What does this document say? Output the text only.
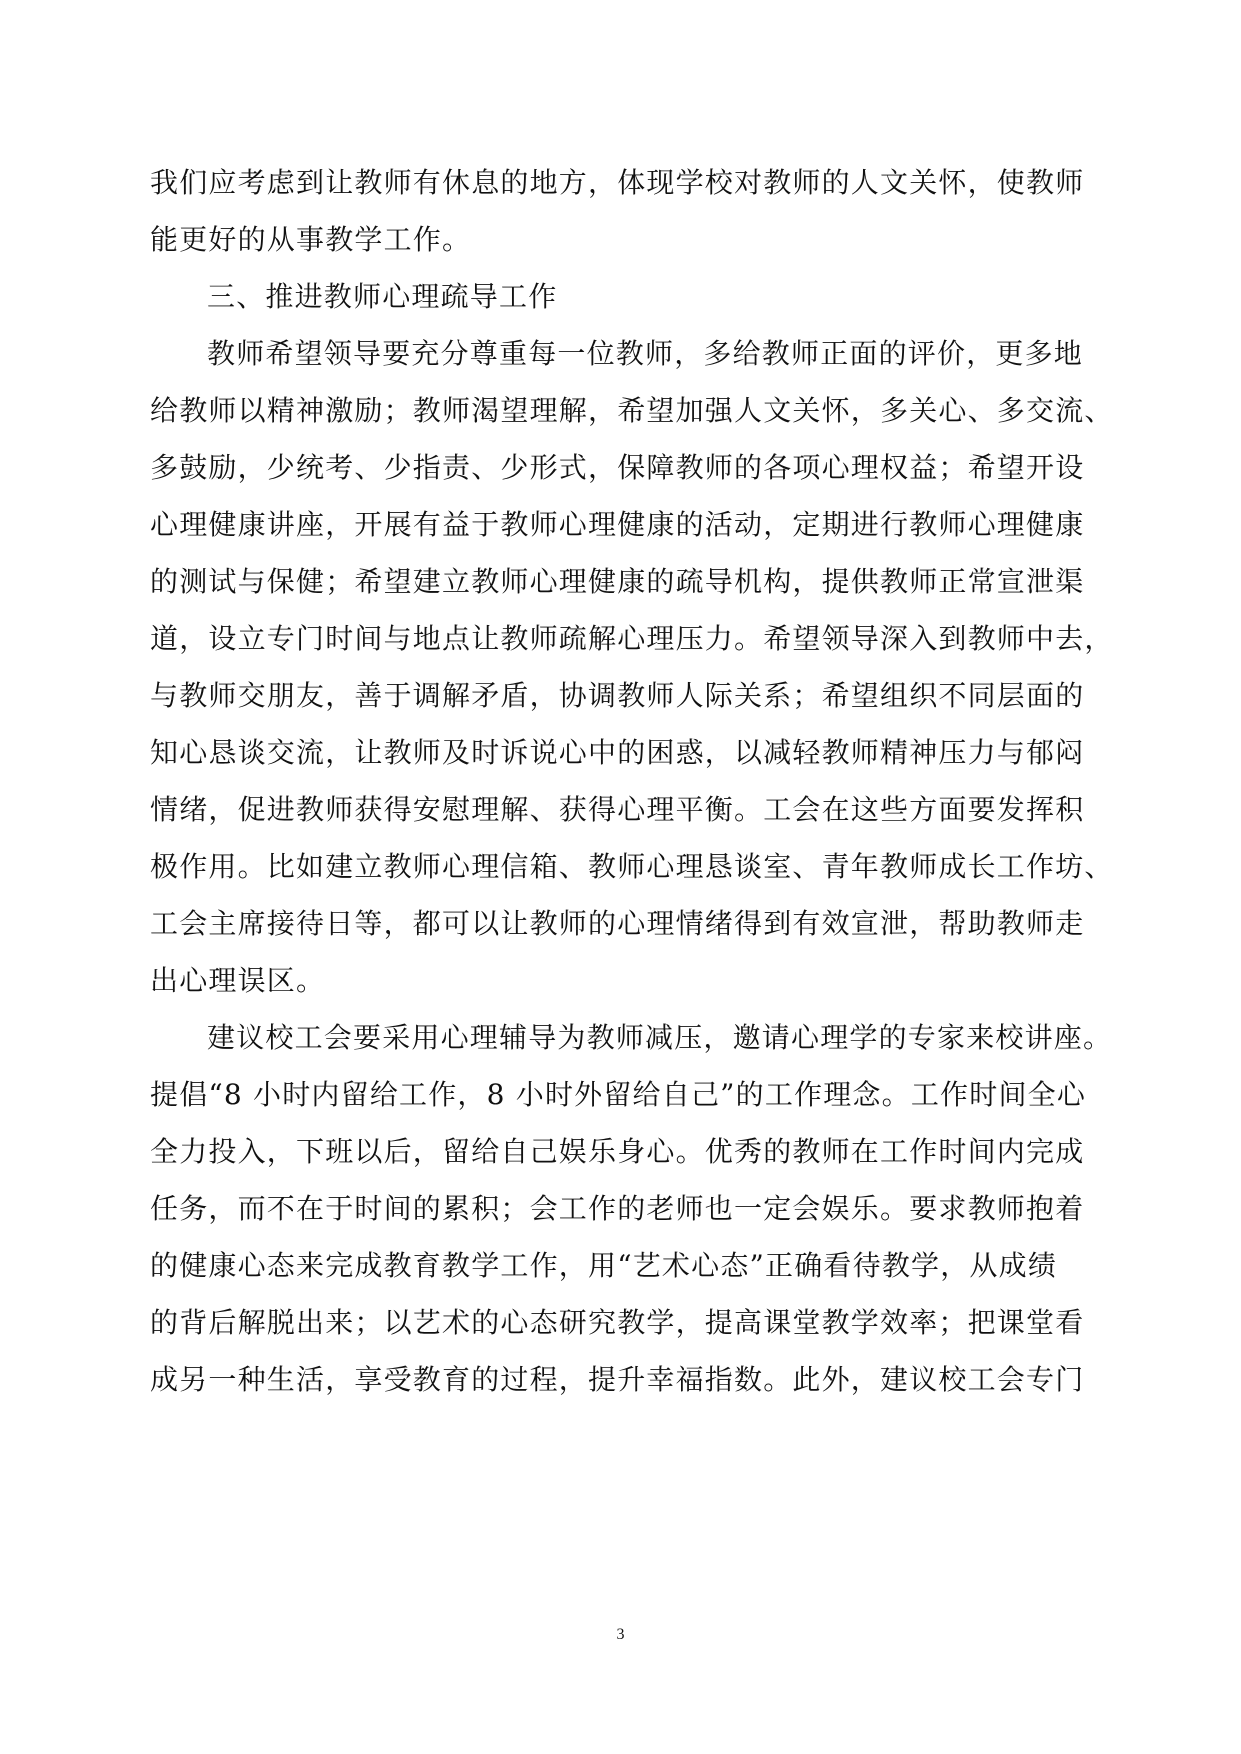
我们应考虑到让教师有休息的地方，体现学校对教师的人文关怀，使教师
能更好的从事教学工作。
三、推进教师心理疏导工作
教师希望领导要充分尊重每一位教师，多给教师正面的评价，更多地
给教师以精神激励；教师渴望理解，希望加强人文关怀，多关心、多交流、
多鼓励，少统考、少指责、少形式，保障教师的各项心理权益；希望开设
心理健康讲座，开展有益于教师心理健康的活动，定期进行教师心理健康
的测试与保健；希望建立教师心理健康的疏导机构，提供教师正常宣泄渠
道，设立专门时间与地点让教师疏解心理压力。希望领导深入到教师中去，
与教师交朋友，善于调解矛盾，协调教师人际关系；希望组织不同层面的
知心恳谈交流，让教师及时诉说心中的困惑，以减轻教师精神压力与郁闷
情绪，促进教师获得安慰理解、获得心理平衡。工会在这些方面要发挥积
极作用。比如建立教师心理信箱、教师心理恳谈室、青年教师成长工作坊、
工会主席接待日等，都可以让教师的心理情绪得到有效宣泄，帮助教师走
出心理误区。
建议校工会要采用心理辅导为教师减压，邀请心理学的专家来校讲座。
提倡“8 小时内留给工作，8 小时外留给自己”的工作理念。工作时间全心
全力投入，下班以后，留给自己娱乐身心。优秀的教师在工作时间内完成
任务，而不在于时间的累积；会工作的老师也一定会娱乐。要求教师抱着
的健康心态来完成教育教学工作，用“艺术心态”正确看待教学，从成绩
的背后解脱出来；以艺术的心态研究教学，提高课堂教学效率；把课堂看
成另一种生活，享受教育的过程，提升幸福指数。此外，建议校工会专门
3
